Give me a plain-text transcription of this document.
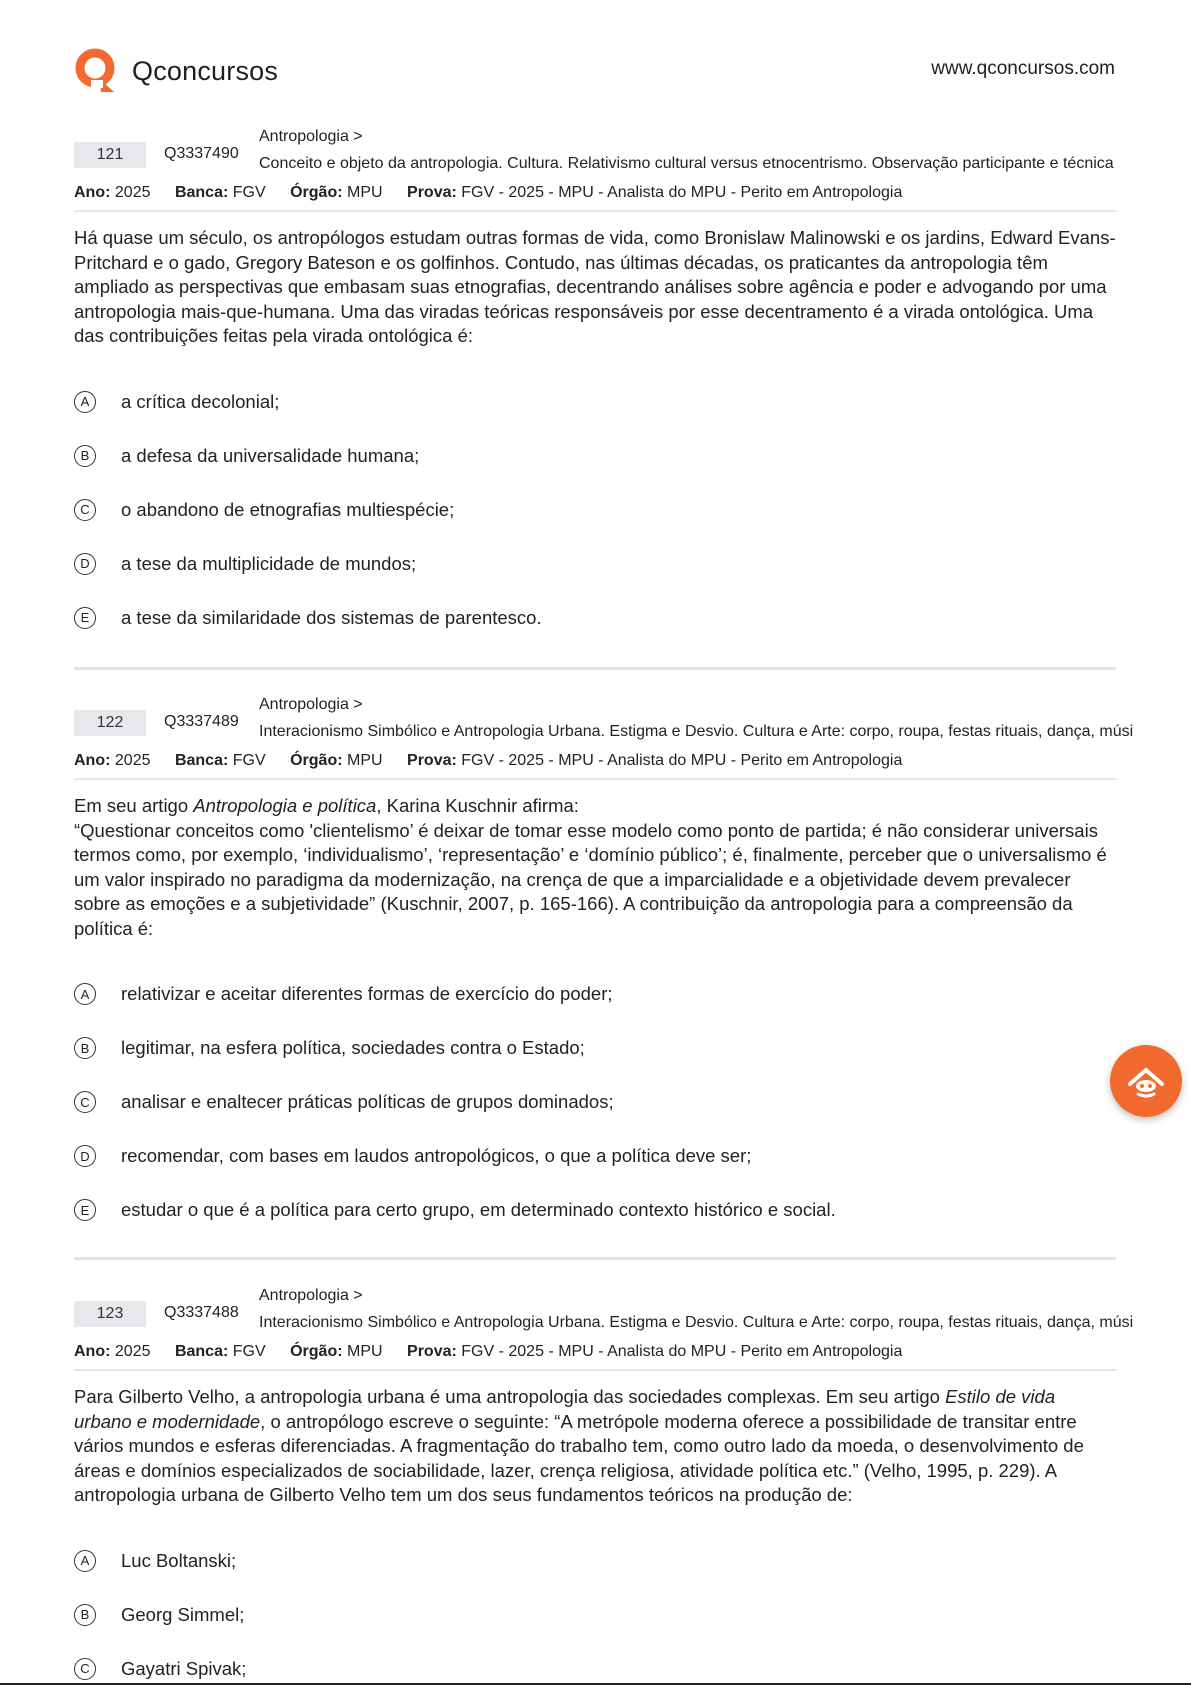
Qconcursos	www.qconcursos.com
121	Q3337490
Antropologia >
Conceito e objeto da antropologia. Cultura. Relativismo cultural versus etnocentrismo. Observação participante e técnica
Ano: 2025 Banca: FGV Órgão: MPU Prova: FGV - 2025 - MPU - Analista do MPU - Perito em Antropologia
Há quase um século, os antropólogos estudam outras formas de vida, como Bronislaw Malinowski e os jardins, Edward Evans-Pritchard e o gado, Gregory Bateson e os golfinhos. Contudo, nas últimas décadas, os praticantes da antropologia têm ampliado as perspectivas que embasam suas etnografias, decentrando análises sobre agência e poder e advogando por uma antropologia mais-que-humana. Uma das viradas teóricas responsáveis por esse decentramento é a virada ontológica. Uma das contribuições feitas pela virada ontológica é:
A	a crítica decolonial;
B	a defesa da universalidade humana;
C	o abandono de etnografias multiespécie;
D	a tese da multiplicidade de mundos;
E	a tese da similaridade dos sistemas de parentesco.
122	Q3337489
Antropologia >
Interacionismo Simbólico e Antropologia Urbana. Estigma e Desvio. Cultura e Arte: corpo, roupa, festas rituais, dança, músi
Ano: 2025 Banca: FGV Órgão: MPU Prova: FGV - 2025 - MPU - Analista do MPU - Perito em Antropologia
Em seu artigo Antropologia e política, Karina Kuschnir afirma:
“Questionar conceitos como 'clientelismo’ é deixar de tomar esse modelo como ponto de partida; é não considerar universais termos como, por exemplo, ‘individualismo’, ‘representação’ e ‘domínio público’; é, finalmente, perceber que o universalismo é um valor inspirado no paradigma da modernização, na crença de que a imparcialidade e a objetividade devem prevalecer sobre as emoções e a subjetividade” (Kuschnir, 2007, p. 165-166). A contribuição da antropologia para a compreensão da política é:
A	relativizar e aceitar diferentes formas de exercício do poder;
B	legitimar, na esfera política, sociedades contra o Estado;
C	analisar e enaltecer práticas políticas de grupos dominados;
D	recomendar, com bases em laudos antropológicos, o que a política deve ser;
E	estudar o que é a política para certo grupo, em determinado contexto histórico e social.
123	Q3337488
Antropologia >
Interacionismo Simbólico e Antropologia Urbana. Estigma e Desvio. Cultura e Arte: corpo, roupa, festas rituais, dança, músi
Ano: 2025 Banca: FGV Órgão: MPU Prova: FGV - 2025 - MPU - Analista do MPU - Perito em Antropologia
Para Gilberto Velho, a antropologia urbana é uma antropologia das sociedades complexas. Em seu artigo Estilo de vida urbano e modernidade, o antropólogo escreve o seguinte: “A metrópole moderna oferece a possibilidade de transitar entre vários mundos e esferas diferenciadas. A fragmentação do trabalho tem, como outro lado da moeda, o desenvolvimento de áreas e domínios especializados de sociabilidade, lazer, crença religiosa, atividade política etc.” (Velho, 1995, p. 229). A antropologia urbana de Gilberto Velho tem um dos seus fundamentos teóricos na produção de:
A	Luc Boltanski;
B	Georg Simmel;
C	Gayatri Spivak;
